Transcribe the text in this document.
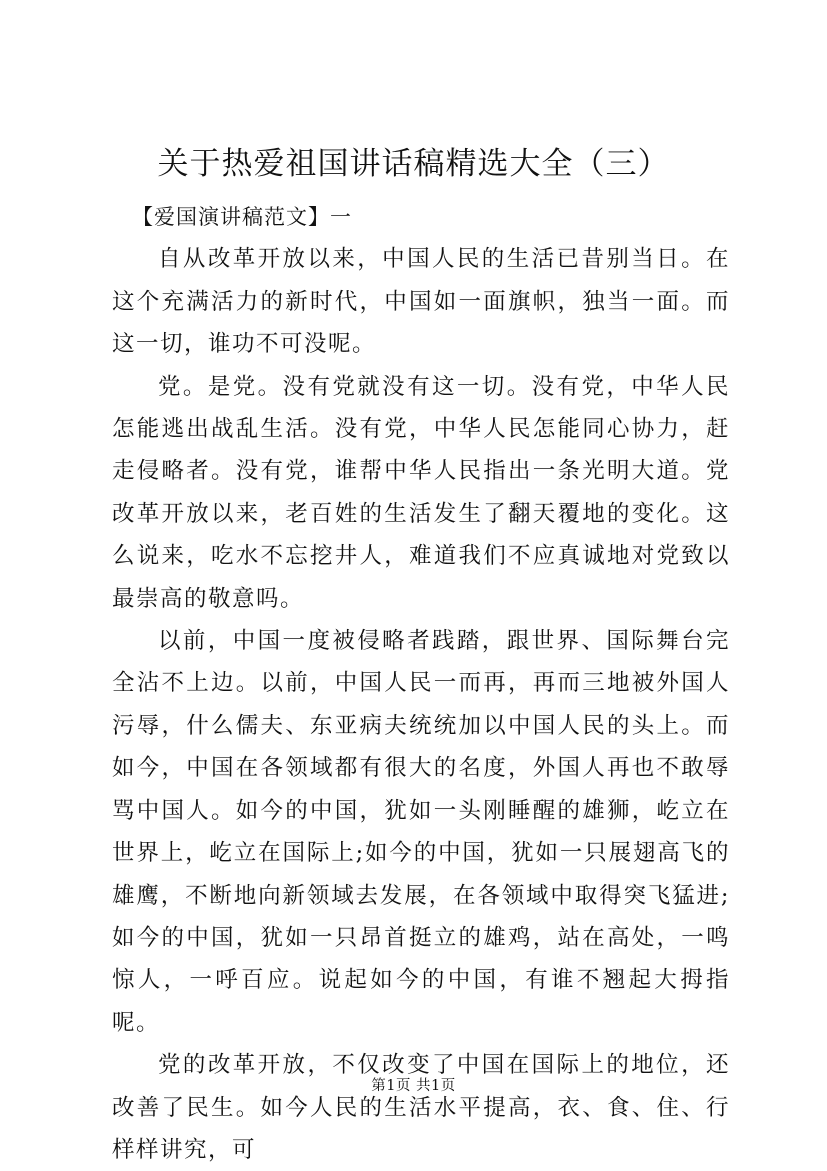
关于热爱祖国讲话稿精选大全（三）

【爱国演讲稿范文】一

自从改革开放以来，中国人民的生活已昔别当日。在这个充满活力的新时代，中国如一面旗帜，独当一面。而这一切，谁功不可没呢。

党。是党。没有党就没有这一切。没有党，中华人民怎能逃出战乱生活。没有党，中华人民怎能同心协力，赶走侵略者。没有党，谁帮中华人民指出一条光明大道。党改革开放以来，老百姓的生活发生了翻天覆地的变化。这么说来，吃水不忘挖井人，难道我们不应真诚地对党致以最崇高的敬意吗。

以前，中国一度被侵略者践踏，跟世界、国际舞台完全沾不上边。以前，中国人民一而再，再而三地被外国人污辱，什么儒夫、东亚病夫统统加以中国人民的头上。而如今，中国在各领域都有很大的名度，外国人再也不敢辱骂中国人。如今的中国，犹如一头刚睡醒的雄狮，屹立在世界上，屹立在国际上;如今的中国，犹如一只展翅高飞的雄鹰，不断地向新领域去发展，在各领域中取得突飞猛进;如今的中国，犹如一只昂首挺立的雄鸡，站在高处，一鸣惊人，一呼百应。说起如今的中国，有谁不翘起大拇指呢。

党的改革开放，不仅改变了中国在国际上的地位，还改善了民生。如今人民的生活水平提高，衣、食、住、行样样讲究，可

第1页 共1页
